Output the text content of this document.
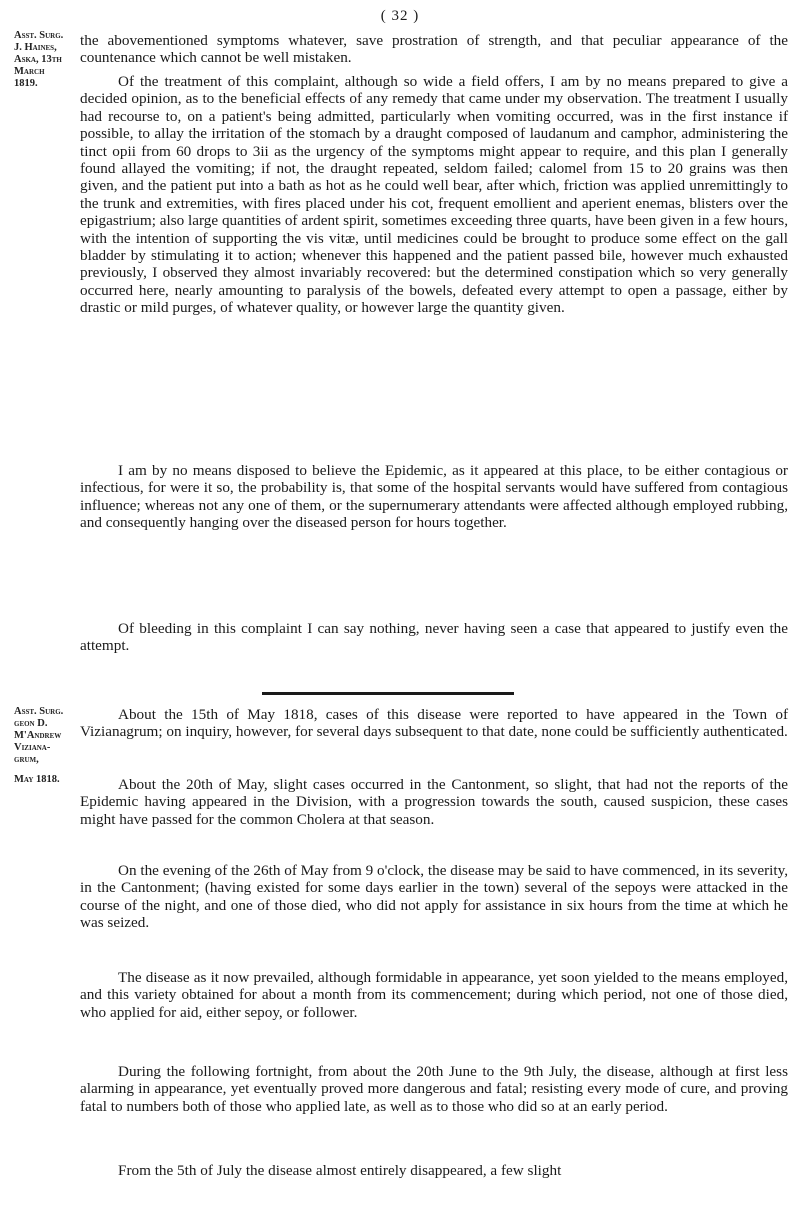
( 32 )
Asst. Surg.
J. Haines,
Aska, 13th
March
1819.

the abovementioned symptoms whatever, save prostration of strength, and that peculiar appearance of the countenance which cannot be well mistaken.

Of the treatment of this complaint, although so wide a field offers, I am by no means prepared to give a decided opinion, as to the beneficial effects of any remedy that came under my observation. The treatment I usually had recourse to, on a patient's being admitted, particularly when vomiting occurred, was in the first instance if possible, to allay the irritation of the stomach by a draught composed of laudanum and camphor, administering the tinct opii from 60 drops to 3ii as the urgency of the symptoms might appear to require, and this plan I generally found allayed the vomiting; if not, the draught repeated, seldom failed; calomel from 15 to 20 grains was then given, and the patient put into a bath as hot as he could well bear, after which, friction was applied unremittingly to the trunk and extremities, with fires placed under his cot, frequent emollient and aperient enemas, blisters over the epigastrium; also large quantities of ardent spirit, sometimes exceeding three quarts, have been given in a few hours, with the intention of supporting the vis vitæ, until medicines could be brought to produce some effect on the gall bladder by stimulating it to action; whenever this happened and the patient passed bile, however much exhausted previously, I observed they almost invariably recovered: but the determined constipation which so very generally occurred here, nearly amounting to paralysis of the bowels, defeated every attempt to open a passage, either by drastic or mild purges, of whatever quality, or however large the quantity given.

I am by no means disposed to believe the Epidemic, as it appeared at this place, to be either contagious or infectious, for were it so, the probability is, that some of the hospital servants would have suffered from contagious influence; whereas not any one of them, or the supernumerary attendants were affected although employed rubbing, and consequently hanging over the diseased person for hours together.

Of bleeding in this complaint I can say nothing, never having seen a case that appeared to justify even the attempt.

Asst. Surg.
geon D.
M'Andrew
Viziana-
grum,
May 1818.

About the 15th of May 1818, cases of this disease were reported to have appeared in the Town of Vizianagrum; on inquiry, however, for several days subsequent to that date, none could be sufficiently authenticated.

About the 20th of May, slight cases occurred in the Cantonment, so slight, that had not the reports of the Epidemic having appeared in the Division, with a progression towards the south, caused suspicion, these cases might have passed for the common Cholera at that season.

On the evening of the 26th of May from 9 o'clock, the disease may be said to have commenced, in its severity, in the Cantonment; (having existed for some days earlier in the town) several of the sepoys were attacked in the course of the night, and one of those died, who did not apply for assistance in six hours from the time at which he was seized.

The disease as it now prevailed, although formidable in appearance, yet soon yielded to the means employed, and this variety obtained for about a month from its commencement; during which period, not one of those died, who applied for aid, either sepoy, or follower.

During the following fortnight, from about the 20th June to the 9th July, the disease, although at first less alarming in appearance, yet eventually proved more dangerous and fatal; resisting every mode of cure, and proving fatal to numbers both of those who applied late, as well as to those who did so at an early period.

From the 5th of July the disease almost entirely disappeared, a few slight
